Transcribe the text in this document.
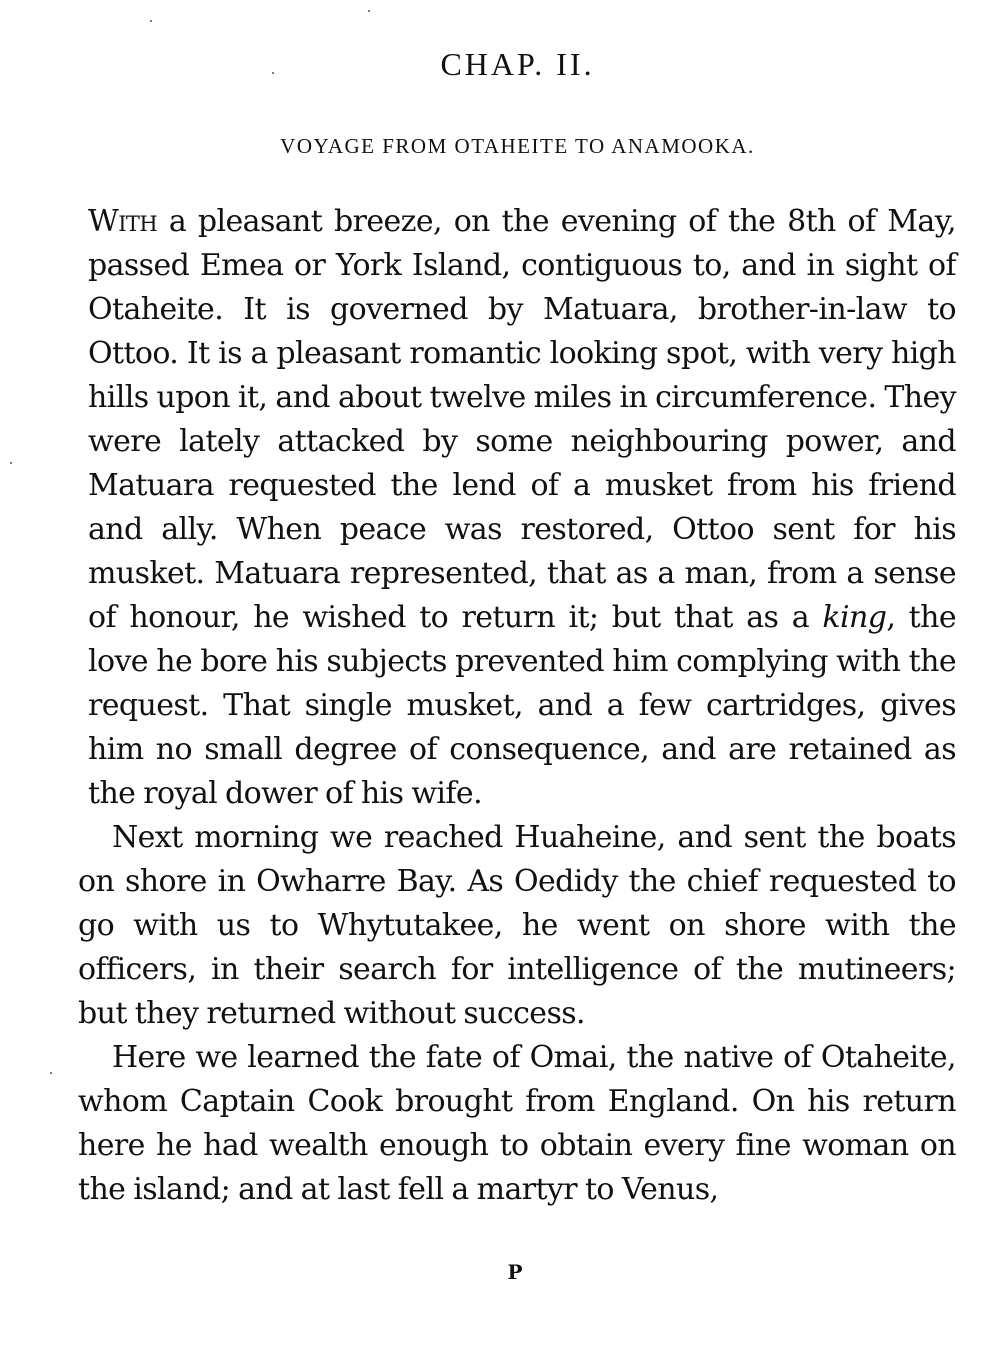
CHAP. II.
VOYAGE FROM OTAHEITE TO ANAMOOKA.

With a pleasant breeze, on the evening of the 8th of May, passed Emea or York Island, contiguous to, and in sight of Otaheite. It is governed by Matuara, brother-in-law to Ottoo. It is a pleasant romantic looking spot, with very high hills upon it, and about twelve miles in circumference. They were lately attacked by some neighbouring power, and Matuara requested the lend of a musket from his friend and ally. When peace was restored, Ottoo sent for his musket. Matuara represented, that as a man, from a sense of honour, he wished to return it; but that as a king, the love he bore his subjects prevented him complying with the request. That single musket, and a few cartridges, gives him no small degree of consequence, and are retained as the royal dower of his wife.

Next morning we reached Huaheine, and sent the boats on shore in Owharre Bay. As Oedidy the chief requested to go with us to Whytutakee, he went on shore with the officers, in their search for intelligence of the mutineers; but they returned without success.

Here we learned the fate of Omai, the native of Otaheite, whom Captain Cook brought from England. On his return here he had wealth enough to obtain every fine woman on the island; and at last fell a martyr to Venus,

P
